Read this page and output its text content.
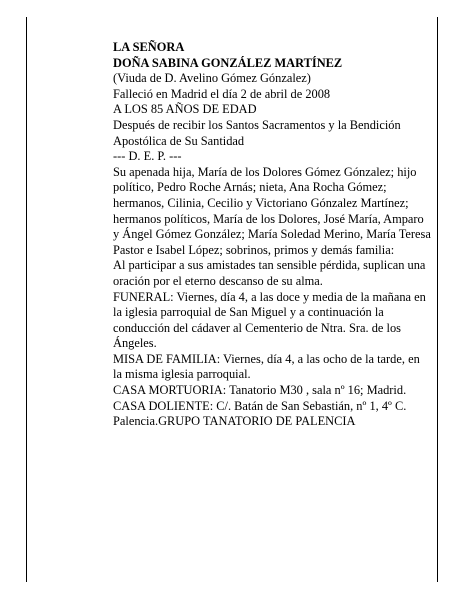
LA SEÑORA

DOÑA SABINA GONZÁLEZ MARTÍNEZ

(Viuda de D. Avelino Gómez Gónzalez)

Falleció en Madrid el día 2 de abril de 2008

A LOS 85 AÑOS DE EDAD

Después de recibir los Santos Sacramentos y la Bendición Apostólica de Su Santidad

--- D. E. P. ---

Su apenada hija, María de los Dolores Gómez Gónzalez; hijo político, Pedro Roche Arnás; nieta, Ana Rocha Gómez; hermanos, Cilinia, Cecilio y Victoriano Gónzalez Martínez; hermanos políticos, María de los Dolores, José María, Amparo y Ángel Gómez González; María Soledad Merino, María Teresa Pastor e Isabel López; sobrinos, primos y demás familia:

Al participar a sus amistades tan sensible pérdida, suplican una oración por el eterno descanso de su alma.

FUNERAL: Viernes, día 4, a las doce y media de la mañana en la iglesia parroquial de San Miguel y a continuación la conducción del cádaver al Cementerio de Ntra. Sra. de los Ángeles.

MISA DE FAMILIA: Viernes, día 4, a las ocho de la tarde, en la misma iglesia parroquial.

CASA MORTUORIA: Tanatorio M30 , sala nº 16; Madrid.

CASA DOLIENTE: C/. Batán de San Sebastián, nº 1, 4º C.

Palencia.GRUPO TANATORIO DE PALENCIA
